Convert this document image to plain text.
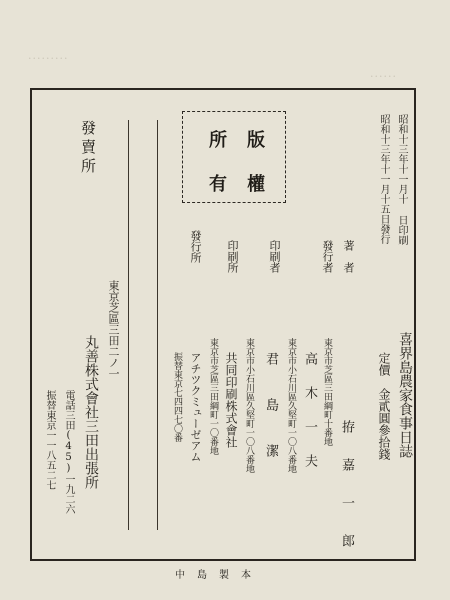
·········
······
昭和十三年十一月十 日印刷
昭和十三年十一月十五日發行
喜界島農家食事日誌
定價　金貳圓參拾錢
著　者
發行者
印刷者
印刷所
發行所
拵　嘉　一　郎
東京市芝區三田綱町十番地
高　木　一　夫
東京市小石川區久堅町一〇八番地
君　島　潔
東京市小石川區久堅町一〇八番地
共同印刷株式會社
東京市芝區三田綱町一〇番地
アチツクミューゼアム
振替東京七四四七〇番
發賣所
東京芝區三田二ノ一
丸善株式會社三田出張所
電話三田(45)一九二六
振替東京一一八五二七
版　權
所　有
中島製本
